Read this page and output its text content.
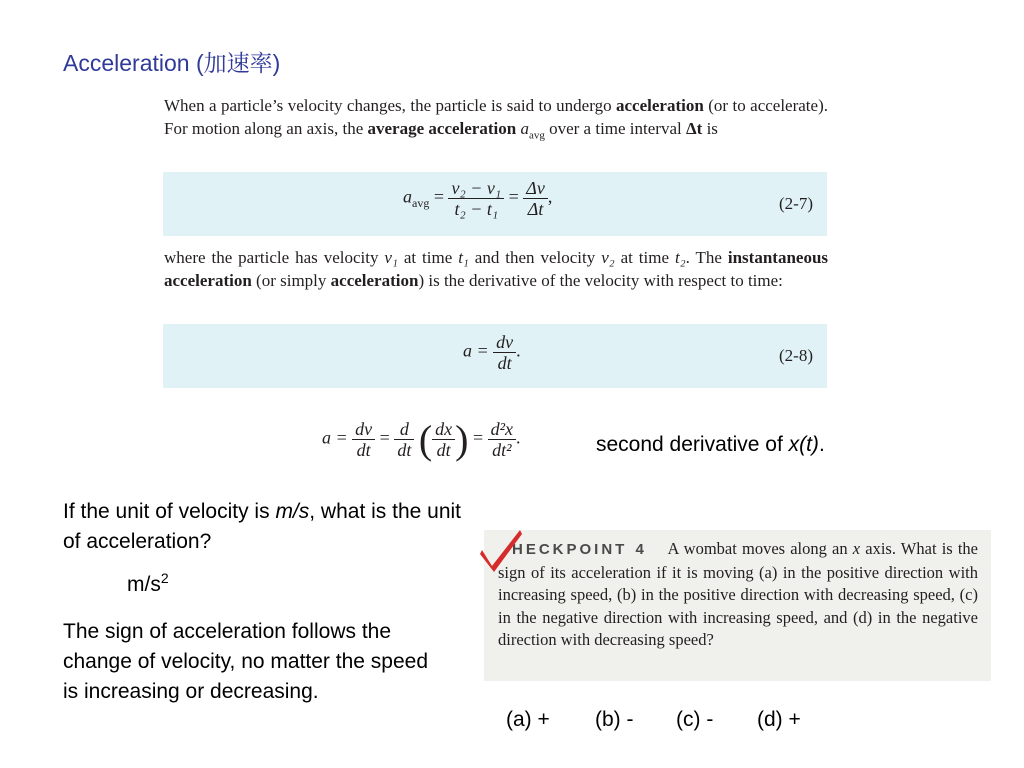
Acceleration (加速率)
When a particle’s velocity changes, the particle is said to undergo acceleration (or to accelerate). For motion along an axis, the average acceleration $a_{avg}$ over a time interval Δt is
$a_{avg} = \frac{\text{v₂ − v₁}}{\text{t₂ − t₁}} = \frac{\Delta v}{\Delta t}$ ,	(2-7)
where the particle has velocity v₁ at time t₁ and then velocity v₂ at time t₂. The instantaneous acceleration (or simply acceleration) is the derivative of the velocity with respect to time:
$a = \frac{dv}{dt}$ .	(2-8)
$a = \frac{dv}{dt} = \frac{d}{dt}$ ( $\frac{dx}{dt}$ ) = $\frac{\text{d²x}}{\text{dt²}}$ .	second derivative of x(t).
If the unit of velocity is m/s, what is the unit of acceleration?
$m/s^2$
The sign of acceleration follows the change of velocity, no matter the speed is increasing or decreasing.
HECKPOINT 4 A wombat moves along an x axis. What is the sign of its acceleration if it is moving (a) in the positive direction with increasing speed, (b) in the positive direction with decreasing speed, (c) in the negative direction with increasing speed, and (d) in the negative direction with decreasing speed?
(a) + (b) - (c) - (d) +
